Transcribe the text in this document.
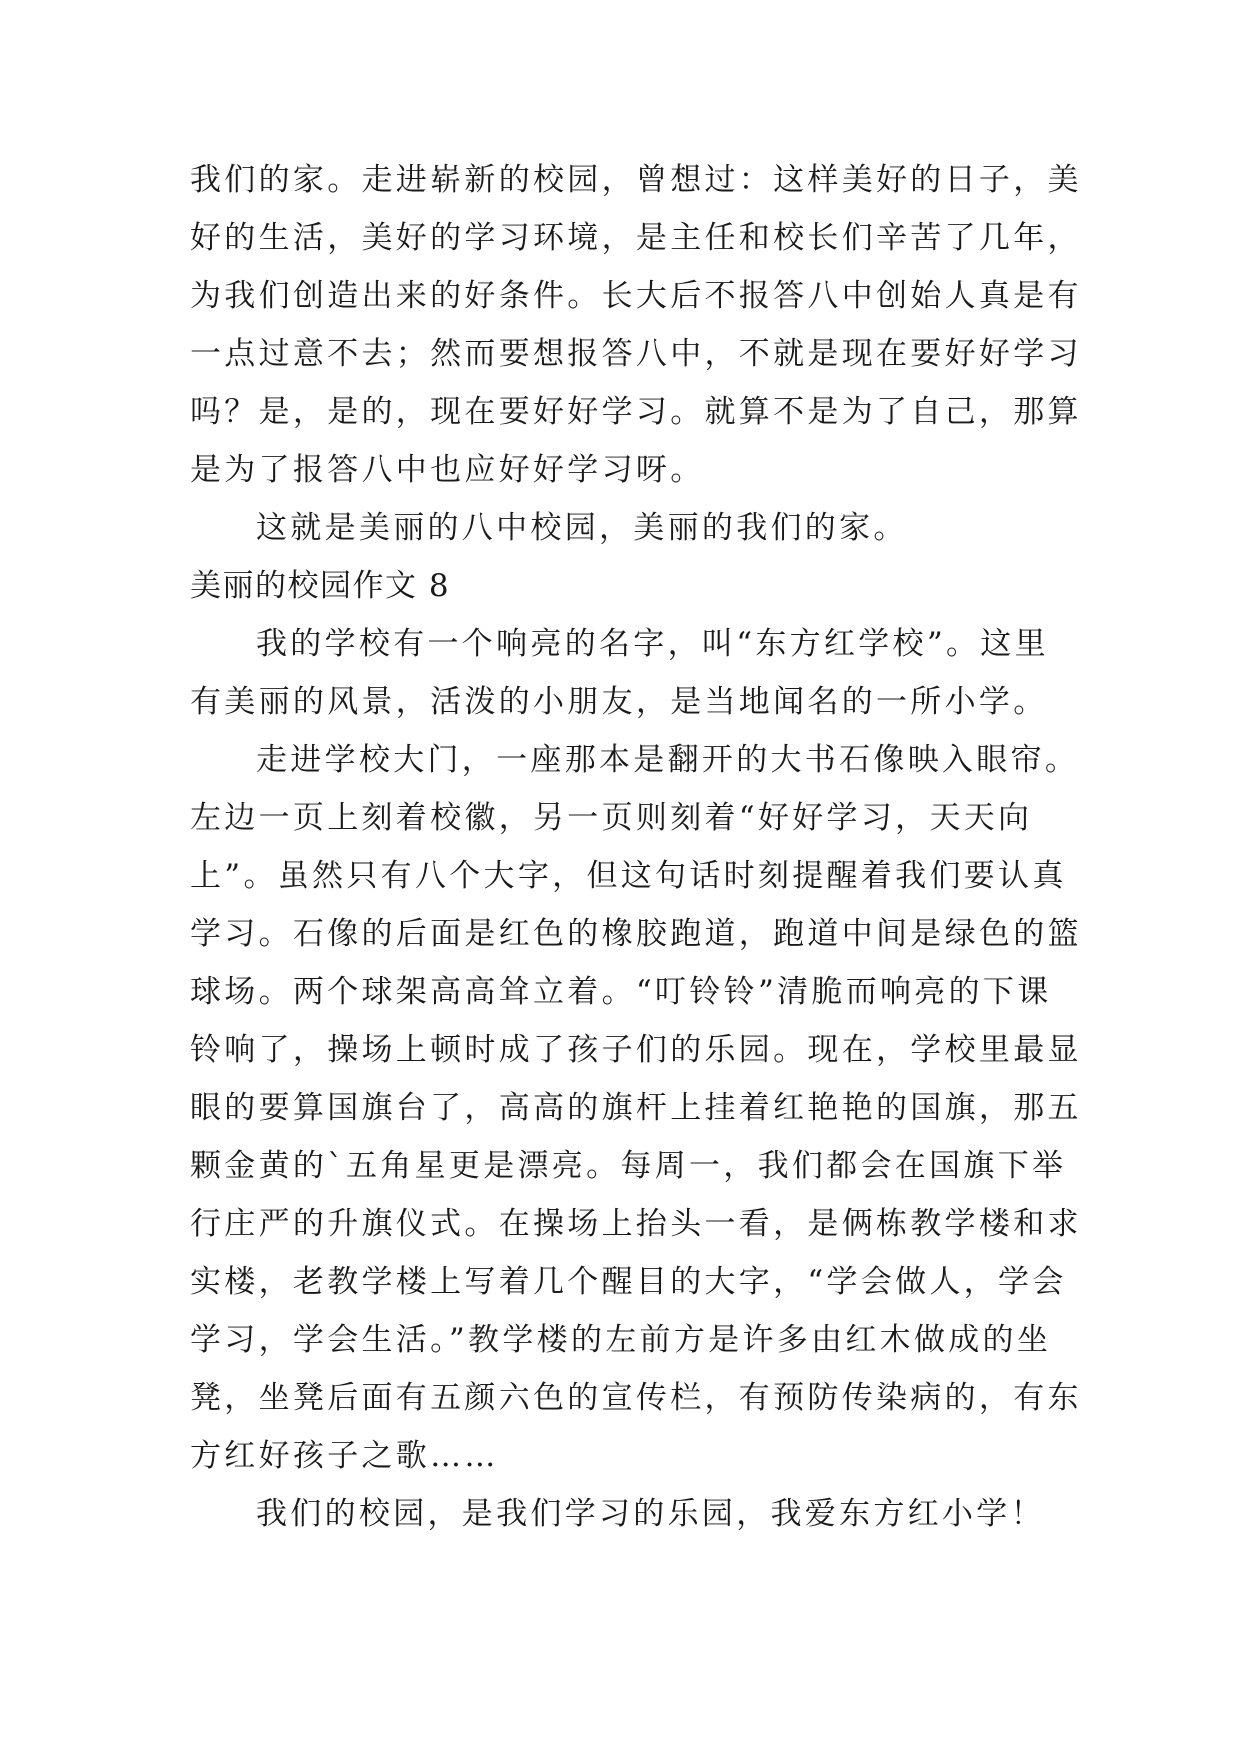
我们的家。走进崭新的校园，曾想过：这样美好的日子，美
好的生活，美好的学习环境，是主任和校长们辛苦了几年，
为我们创造出来的好条件。长大后不报答八中创始人真是有
一点过意不去；然而要想报答八中，不就是现在要好好学习
吗？是，是的，现在要好好学习。就算不是为了自己，那算
是为了报答八中也应好好学习呀。
这就是美丽的八中校园，美丽的我们的家。
美丽的校园作文 8
我的学校有一个响亮的名字，叫“东方红学校”。这里
有美丽的风景，活泼的小朋友，是当地闻名的一所小学。
走进学校大门，一座那本是翻开的大书石像映入眼帘。
左边一页上刻着校徽，另一页则刻着“好好学习，天天向
上”。虽然只有八个大字，但这句话时刻提醒着我们要认真
学习。石像的后面是红色的橡胶跑道，跑道中间是绿色的篮
球场。两个球架高高耸立着。“叮铃铃”清脆而响亮的下课
铃响了，操场上顿时成了孩子们的乐园。现在，学校里最显
眼的要算国旗台了，高高的旗杆上挂着红艳艳的国旗，那五
颗金黄的`五角星更是漂亮。每周一，我们都会在国旗下举
行庄严的升旗仪式。在操场上抬头一看，是俩栋教学楼和求
实楼，老教学楼上写着几个醒目的大字，“学会做人，学会
学习，学会生活。”教学楼的左前方是许多由红木做成的坐
凳，坐凳后面有五颜六色的宣传栏，有预防传染病的，有东
方红好孩子之歌……
我们的校园，是我们学习的乐园，我爱东方红小学！
